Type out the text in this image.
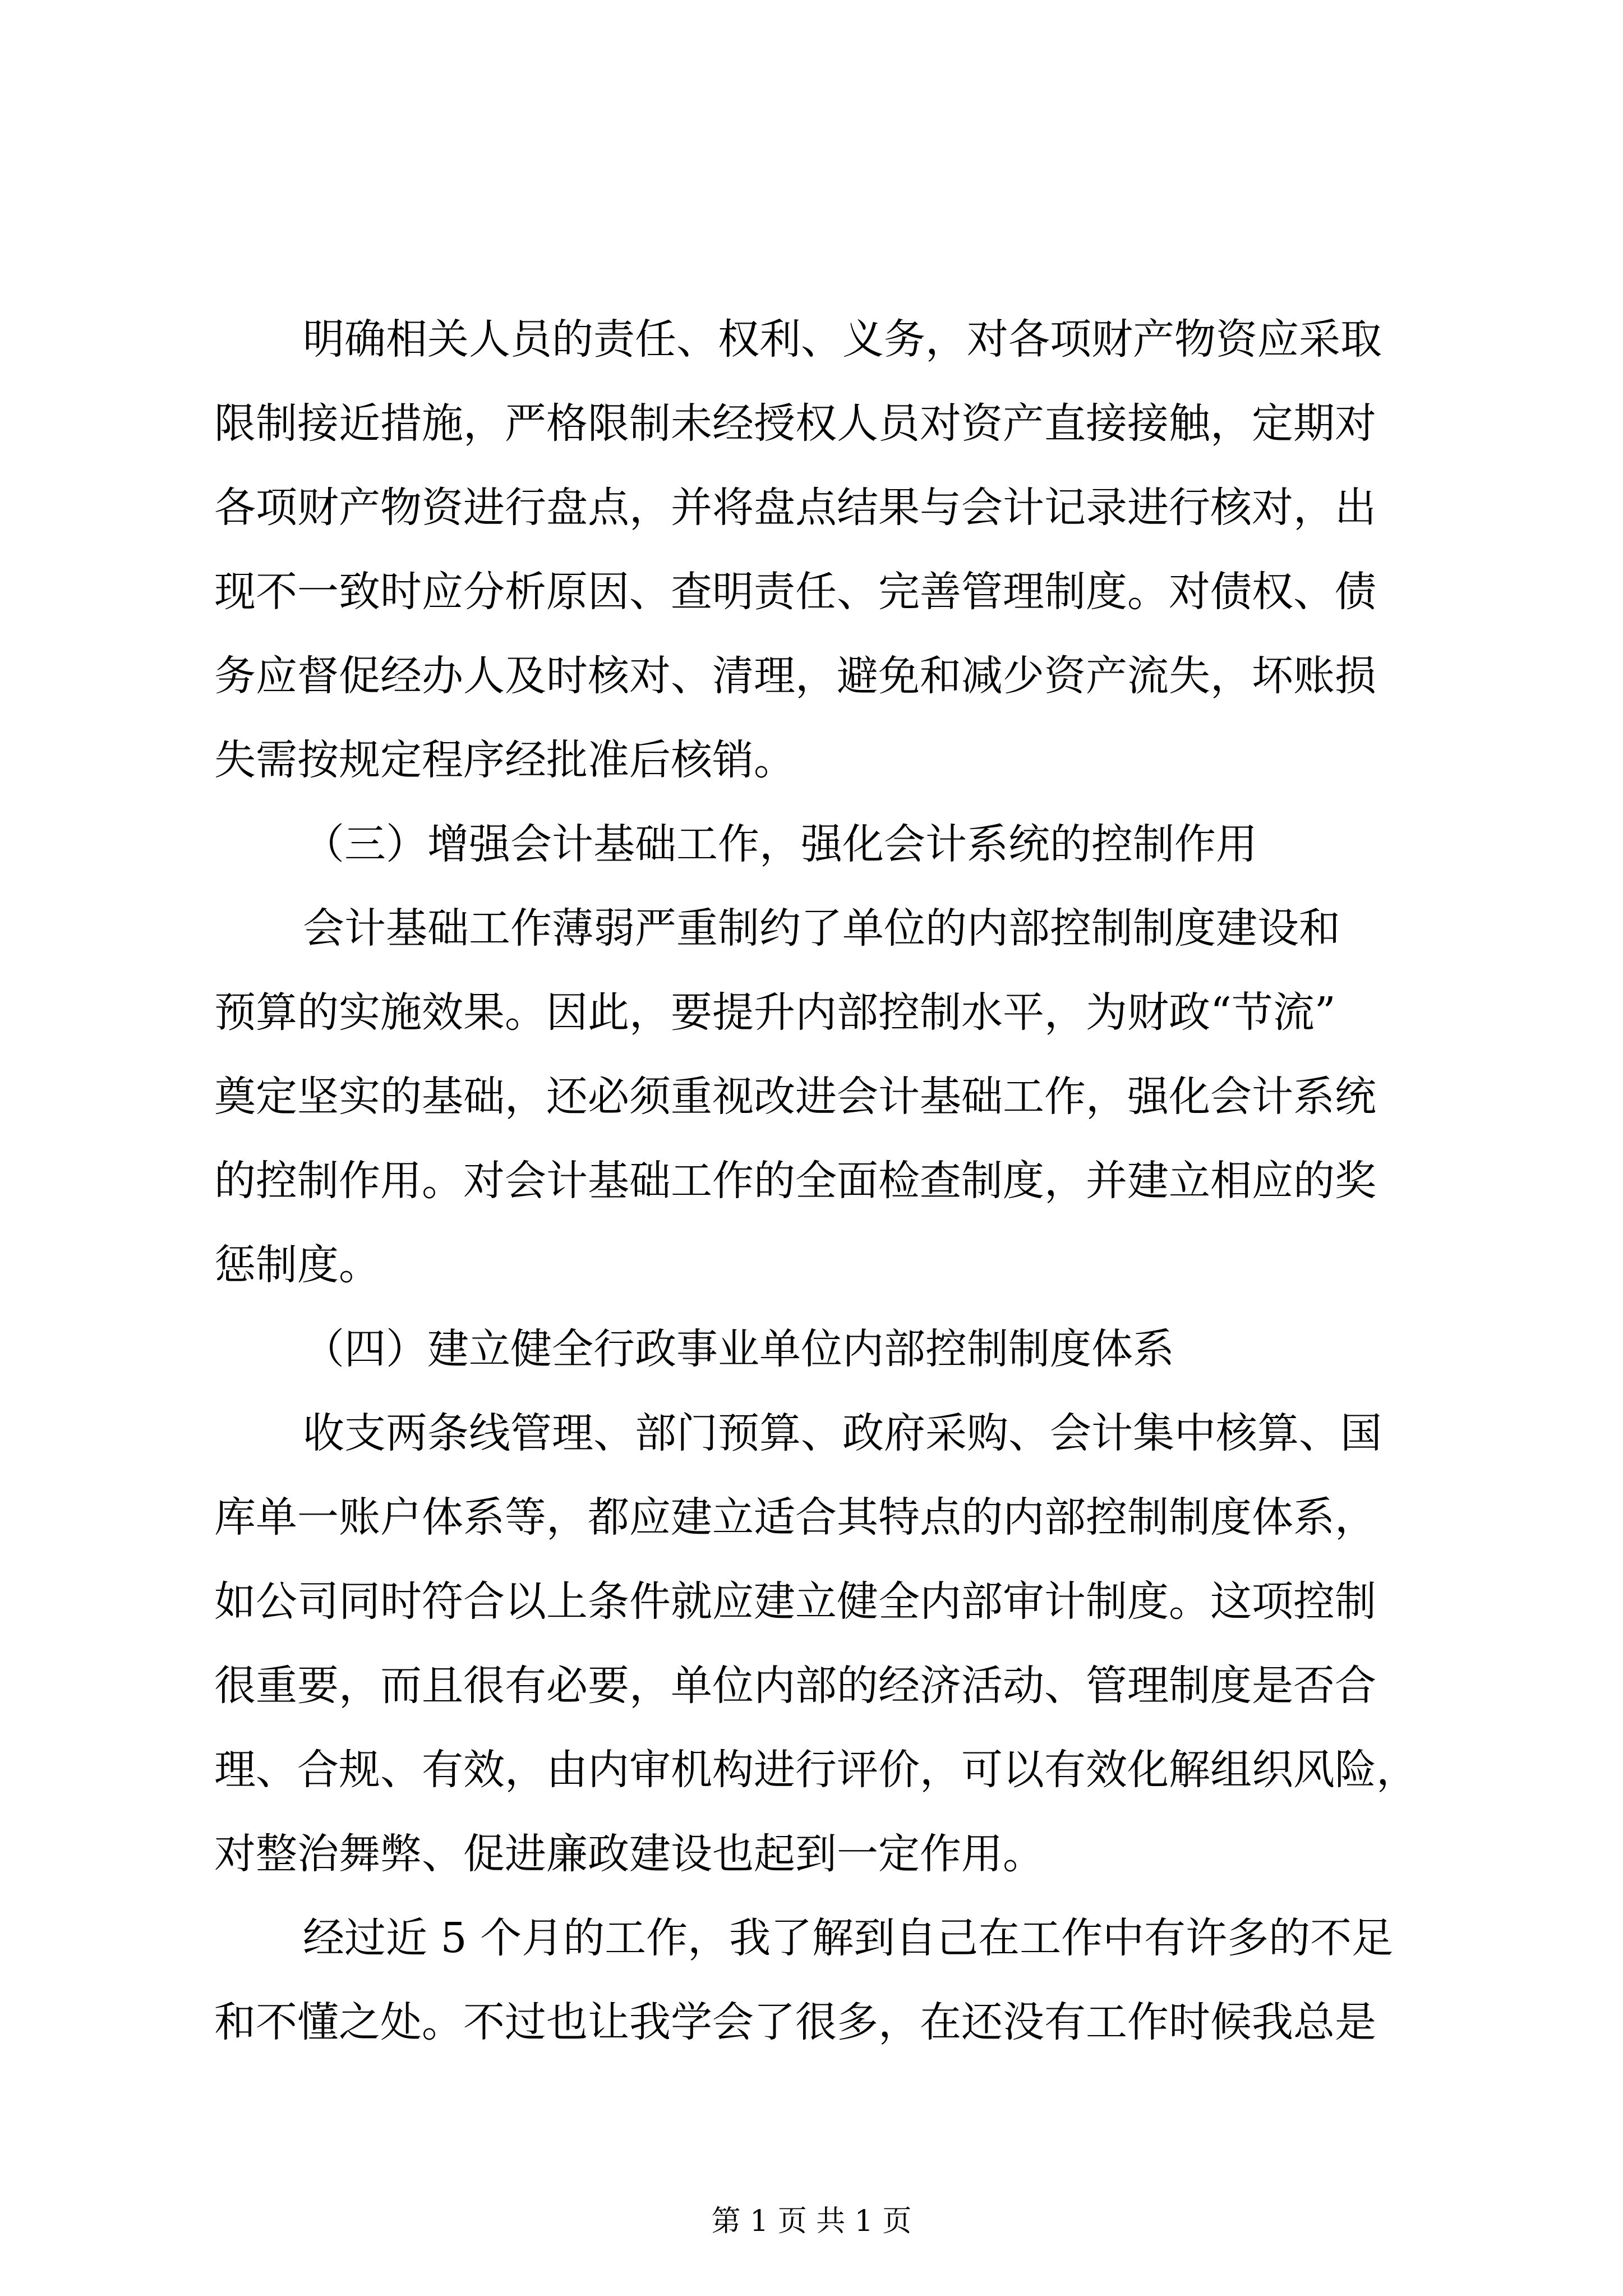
明确相关人员的责任、权利、义务，对各项财产物资应采取
限制接近措施，严格限制未经授权人员对资产直接接触，定期对
各项财产物资进行盘点，并将盘点结果与会计记录进行核对，出
现不一致时应分析原因、查明责任、完善管理制度。对债权、债
务应督促经办人及时核对、清理，避免和减少资产流失，坏账损
失需按规定程序经批准后核销。
（三）增强会计基础工作，强化会计系统的控制作用
会计基础工作薄弱严重制约了单位的内部控制制度建设和
预算的实施效果。因此，要提升内部控制水平，为财政“节流”
奠定坚实的基础，还必须重视改进会计基础工作，强化会计系统
的控制作用。对会计基础工作的全面检查制度，并建立相应的奖
惩制度。
（四）建立健全行政事业单位内部控制制度体系
收支两条线管理、部门预算、政府采购、会计集中核算、国
库单一账户体系等，都应建立适合其特点的内部控制制度体系，
如公司同时符合以上条件就应建立健全内部审计制度。这项控制
很重要，而且很有必要，单位内部的经济活动、管理制度是否合
理、合规、有效，由内审机构进行评价，可以有效化解组织风险，
对整治舞弊、促进廉政建设也起到一定作用。
经过近 5 个月的工作，我了解到自己在工作中有许多的不足
和不懂之处。不过也让我学会了很多，在还没有工作时候我总是
第 1 页 共 1 页
